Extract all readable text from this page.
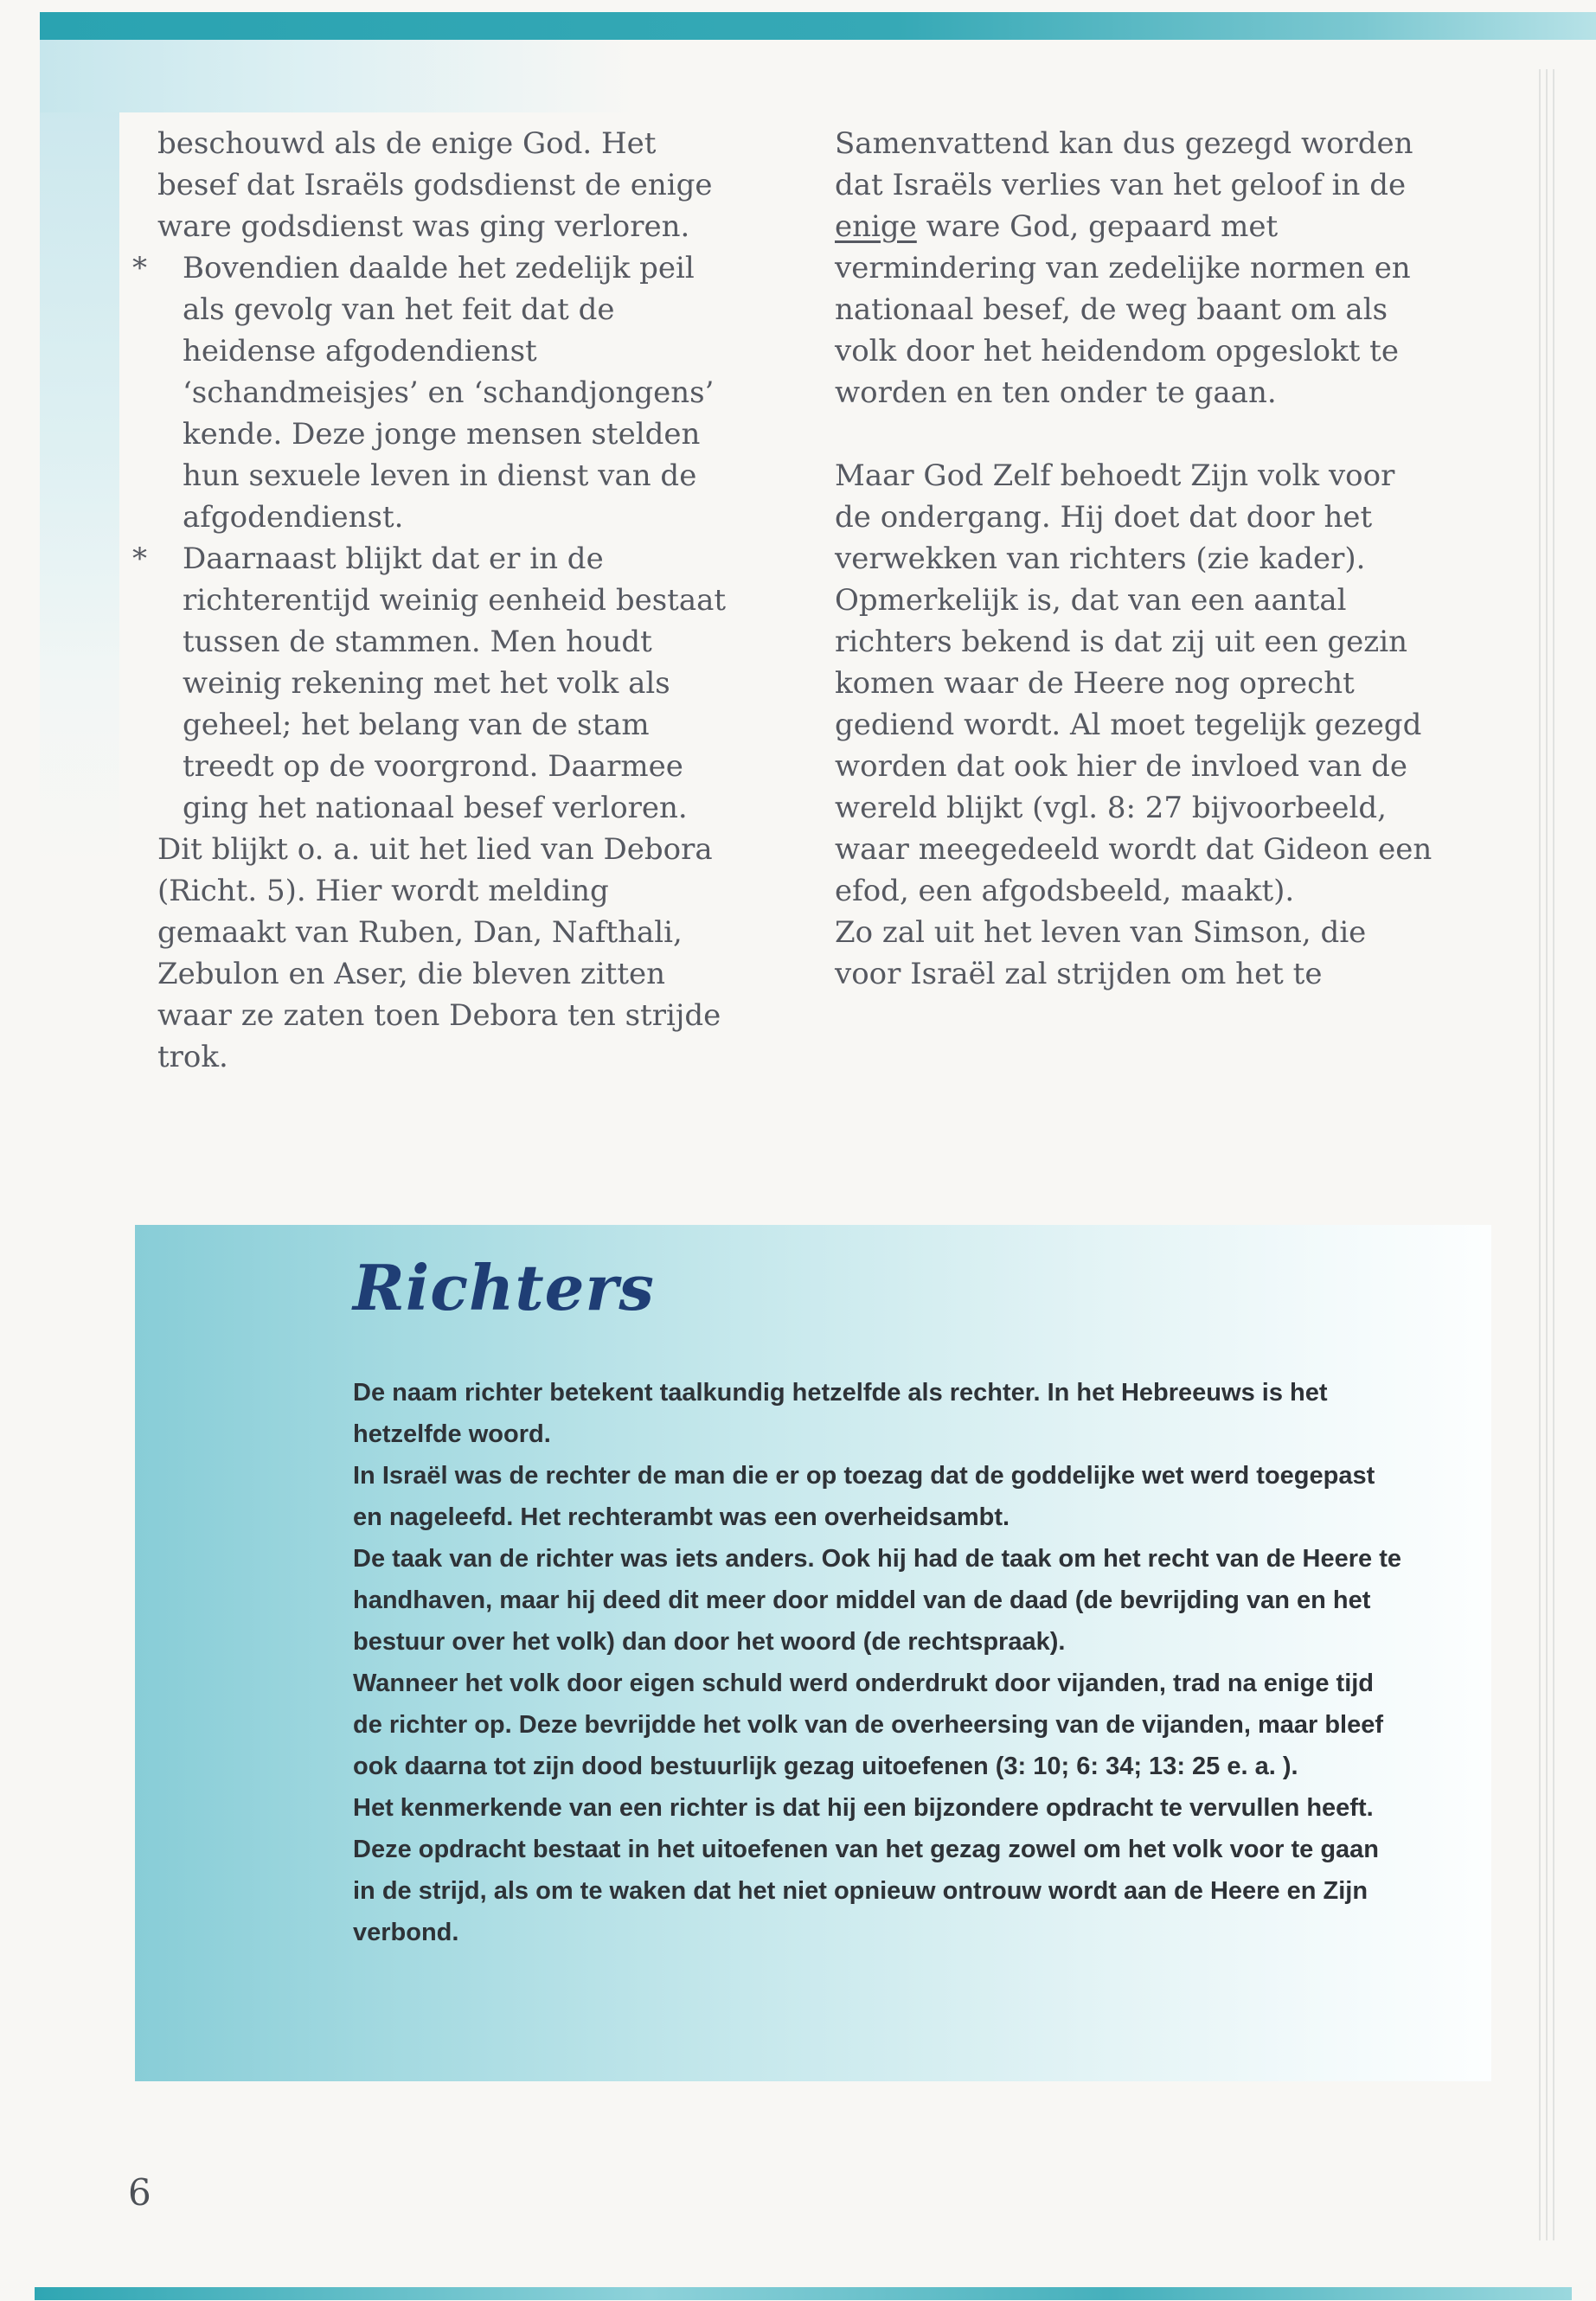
beschouwd als de enige God. Het besef dat Israëls godsdienst de enige ware godsdienst was ging verloren.

* Bovendien daalde het zedelijk peil als gevolg van het feit dat de heidense afgodendienst ‘schandmeisjes’ en ‘schandjongens’ kende. Deze jonge mensen stelden hun sexuele leven in dienst van de afgodendienst.

* Daarnaast blijkt dat er in de richterentijd weinig eenheid bestaat tussen de stammen. Men houdt weinig rekening met het volk als geheel; het belang van de stam treedt op de voorgrond. Daarmee ging het nationaal besef verloren.

Dit blijkt o. a. uit het lied van Debora (Richt. 5). Hier wordt melding gemaakt van Ruben, Dan, Nafthali, Zebulon en Aser, die bleven zitten waar ze zaten toen Debora ten strijde trok.

Samenvattend kan dus gezegd worden dat Israëls verlies van het geloof in de enige ware God, gepaard met vermindering van zedelijke normen en nationaal besef, de weg baant om als volk door het heidendom opgeslokt te worden en ten onder te gaan.

Maar God Zelf behoedt Zijn volk voor de ondergang. Hij doet dat door het verwekken van richters (zie kader).

Opmerkelijk is, dat van een aantal richters bekend is dat zij uit een gezin komen waar de Heere nog oprecht gediend wordt. Al moet tegelijk gezegd worden dat ook hier de invloed van de wereld blijkt (vgl. 8: 27 bijvoorbeeld, waar meegedeeld wordt dat Gideon een efod, een afgodsbeeld, maakt).

Zo zal uit het leven van Simson, die voor Israël zal strijden om het te

Richters

De naam richter betekent taalkundig hetzelfde als rechter. In het Hebreeuws is het hetzelfde woord.

In Israël was de rechter de man die er op toezag dat de goddelijke wet werd toegepast en nageleefd. Het rechterambt was een overheidsambt.

De taak van de richter was iets anders. Ook hij had de taak om het recht van de Heere te handhaven, maar hij deed dit meer door middel van de daad (de bevrijding van en het bestuur over het volk) dan door het woord (de rechtspraak).

Wanneer het volk door eigen schuld werd onderdrukt door vijanden, trad na enige tijd de richter op. Deze bevrijdde het volk van de overheersing van de vijanden, maar bleef ook daarna tot zijn dood bestuurlijk gezag uitoefenen (3: 10; 6: 34; 13: 25 e. a. ).

Het kenmerkende van een richter is dat hij een bijzondere opdracht te vervullen heeft. Deze opdracht bestaat in het uitoefenen van het gezag zowel om het volk voor te gaan in de strijd, als om te waken dat het niet opnieuw ontrouw wordt aan de Heere en Zijn verbond.

6
